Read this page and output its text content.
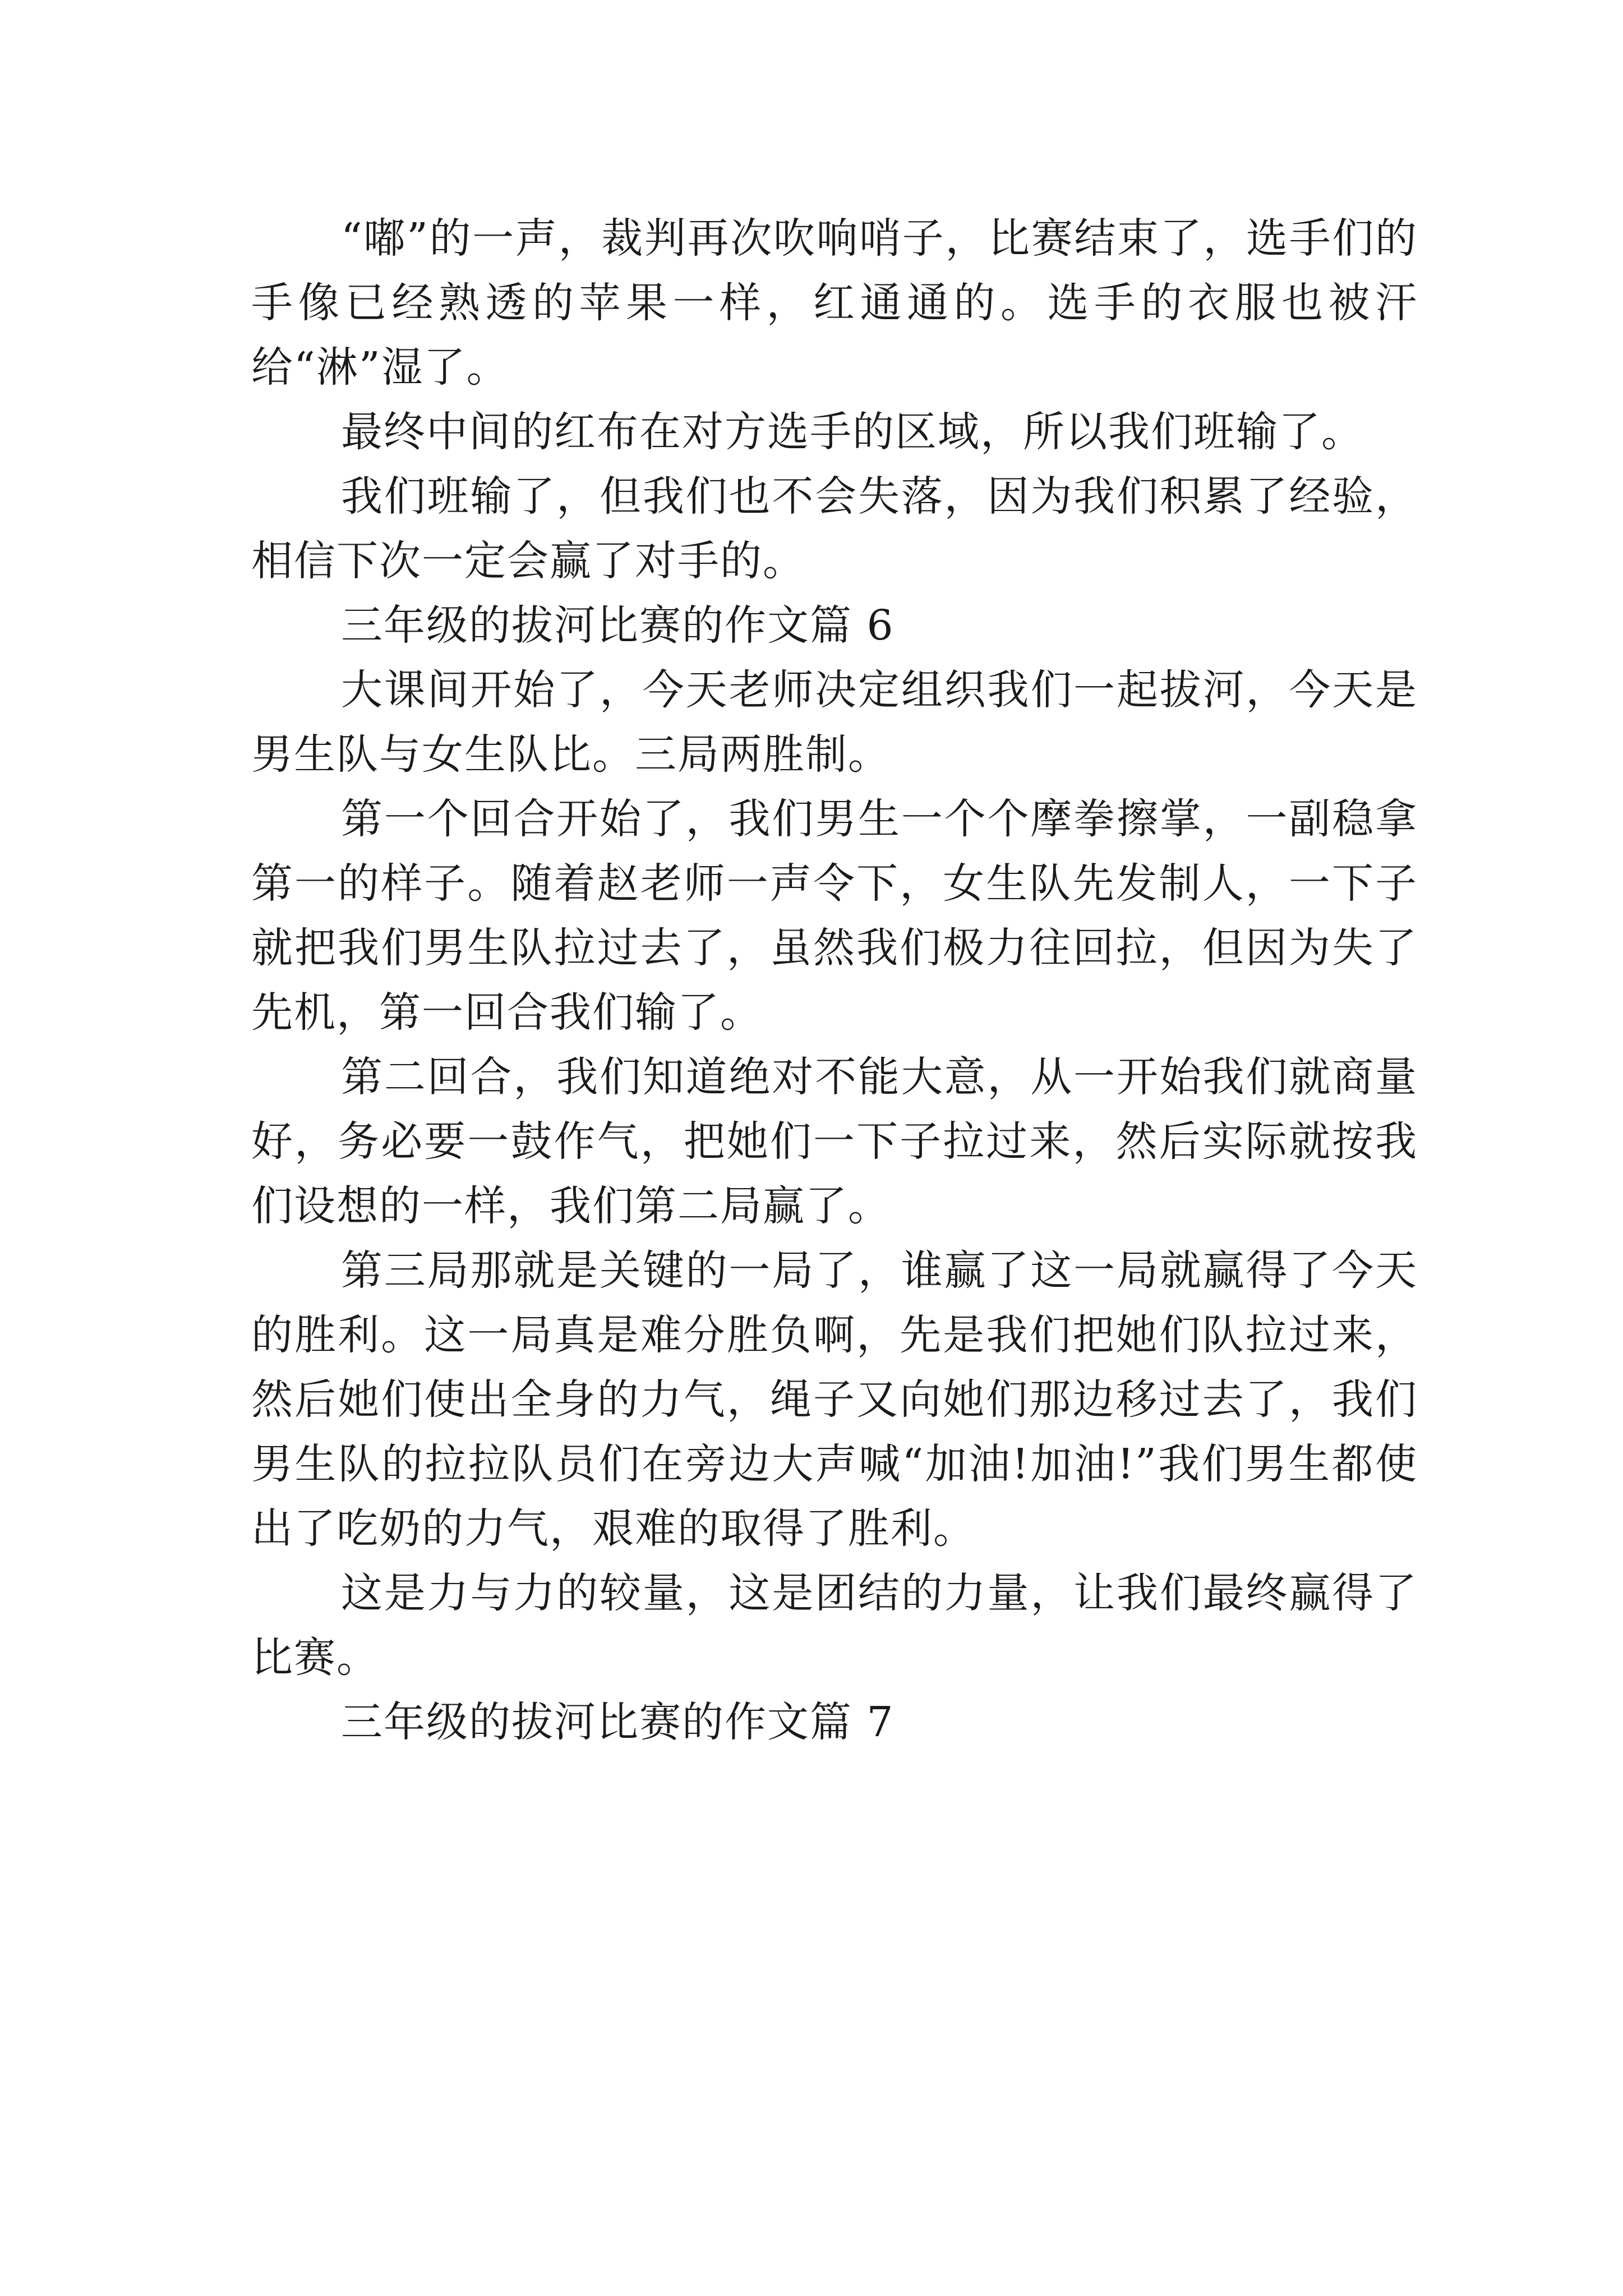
“嘟”的一声，裁判再次吹响哨子，比赛结束了，选手们的手像已经熟透的苹果一样，红通通的。选手的衣服也被汗给“淋”湿了。

最终中间的红布在对方选手的区域，所以我们班输了。

我们班输了，但我们也不会失落，因为我们积累了经验，相信下次一定会赢了对手的。

三年级的拔河比赛的作文篇 6

大课间开始了，今天老师决定组织我们一起拔河，今天是男生队与女生队比。三局两胜制。

第一个回合开始了，我们男生一个个摩拳擦掌，一副稳拿第一的样子。随着赵老师一声令下，女生队先发制人，一下子就把我们男生队拉过去了，虽然我们极力往回拉，但因为失了先机，第一回合我们输了。

第二回合，我们知道绝对不能大意，从一开始我们就商量好，务必要一鼓作气，把她们一下子拉过来，然后实际就按我们设想的一样，我们第二局赢了。

第三局那就是关键的一局了，谁赢了这一局就赢得了今天的胜利。这一局真是难分胜负啊，先是我们把她们队拉过来，然后她们使出全身的力气，绳子又向她们那边移过去了，我们男生队的拉拉队员们在旁边大声喊“加油!加油!”我们男生都使出了吃奶的力气，艰难的取得了胜利。

这是力与力的较量，这是团结的力量，让我们最终赢得了比赛。

三年级的拔河比赛的作文篇 7
